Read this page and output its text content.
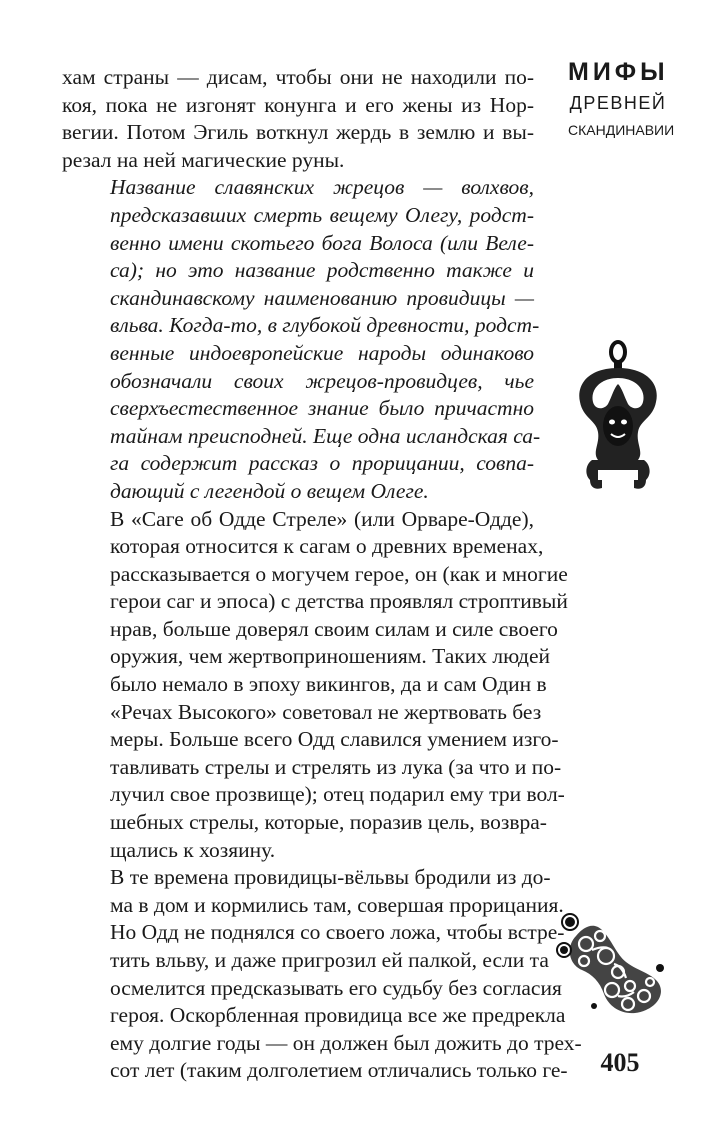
хам страны — дисам, чтобы они не находили по-
коя, пока не изгонят конунга и его жены из Нор-
вегии. Потом Эгиль воткнул жердь в землю и вы-
резал на ней магические руны.

Название славянских жрецов — волхвов,
предсказавших смерть вещему Олегу, родст-
венно имени скотьего бога Волоса (или Веле-
са); но это название родственно также и
скандинавскому наименованию провидицы —
вльва. Когда-то, в глубокой древности, родст-
венные индоевропейские народы одинаково
обозначали своих жрецов-провидцев, чье
сверхъестественное знание было причастно
тайнам преисподней. Еще одна исландская са-
га содержит рассказ о прорицании, совпа-
дающий с легендой о вещем Олеге.

В «Саге об Одде Стреле» (или Орваре-Одде),
которая относится к сагам о древних временах,
рассказывается о могучем герое, он (как и многие
герои саг и эпоса) с детства проявлял строптивый
нрав, больше доверял своим силам и силе своего
оружия, чем жертвоприношениям. Таких людей
было немало в эпоху викингов, да и сам Один в
«Речах Высокого» советовал не жертвовать без
меры. Больше всего Одд славился умением изго-
тавливать стрелы и стрелять из лука (за что и по-
лучил свое прозвище); отец подарил ему три вол-
шебных стрелы, которые, поразив цель, возвра-
щались к хозяину.

В те времена провидицы-вёльвы бродили из до-
ма в дом и кормились там, совершая прорицания.
Но Одд не поднялся со своего ложа, чтобы встре-
тить вльву, и даже пригрозил ей палкой, если та
осмелится предсказывать его судьбу без согласия
героя. Оскорбленная провидица все же предрекла
ему долгие годы — он должен был дожить до трех-
сот лет (таким долголетием отличались только ге-

МИФЫ
ДРЕВНЕЙ
СКАНДИНАВИИ
405
